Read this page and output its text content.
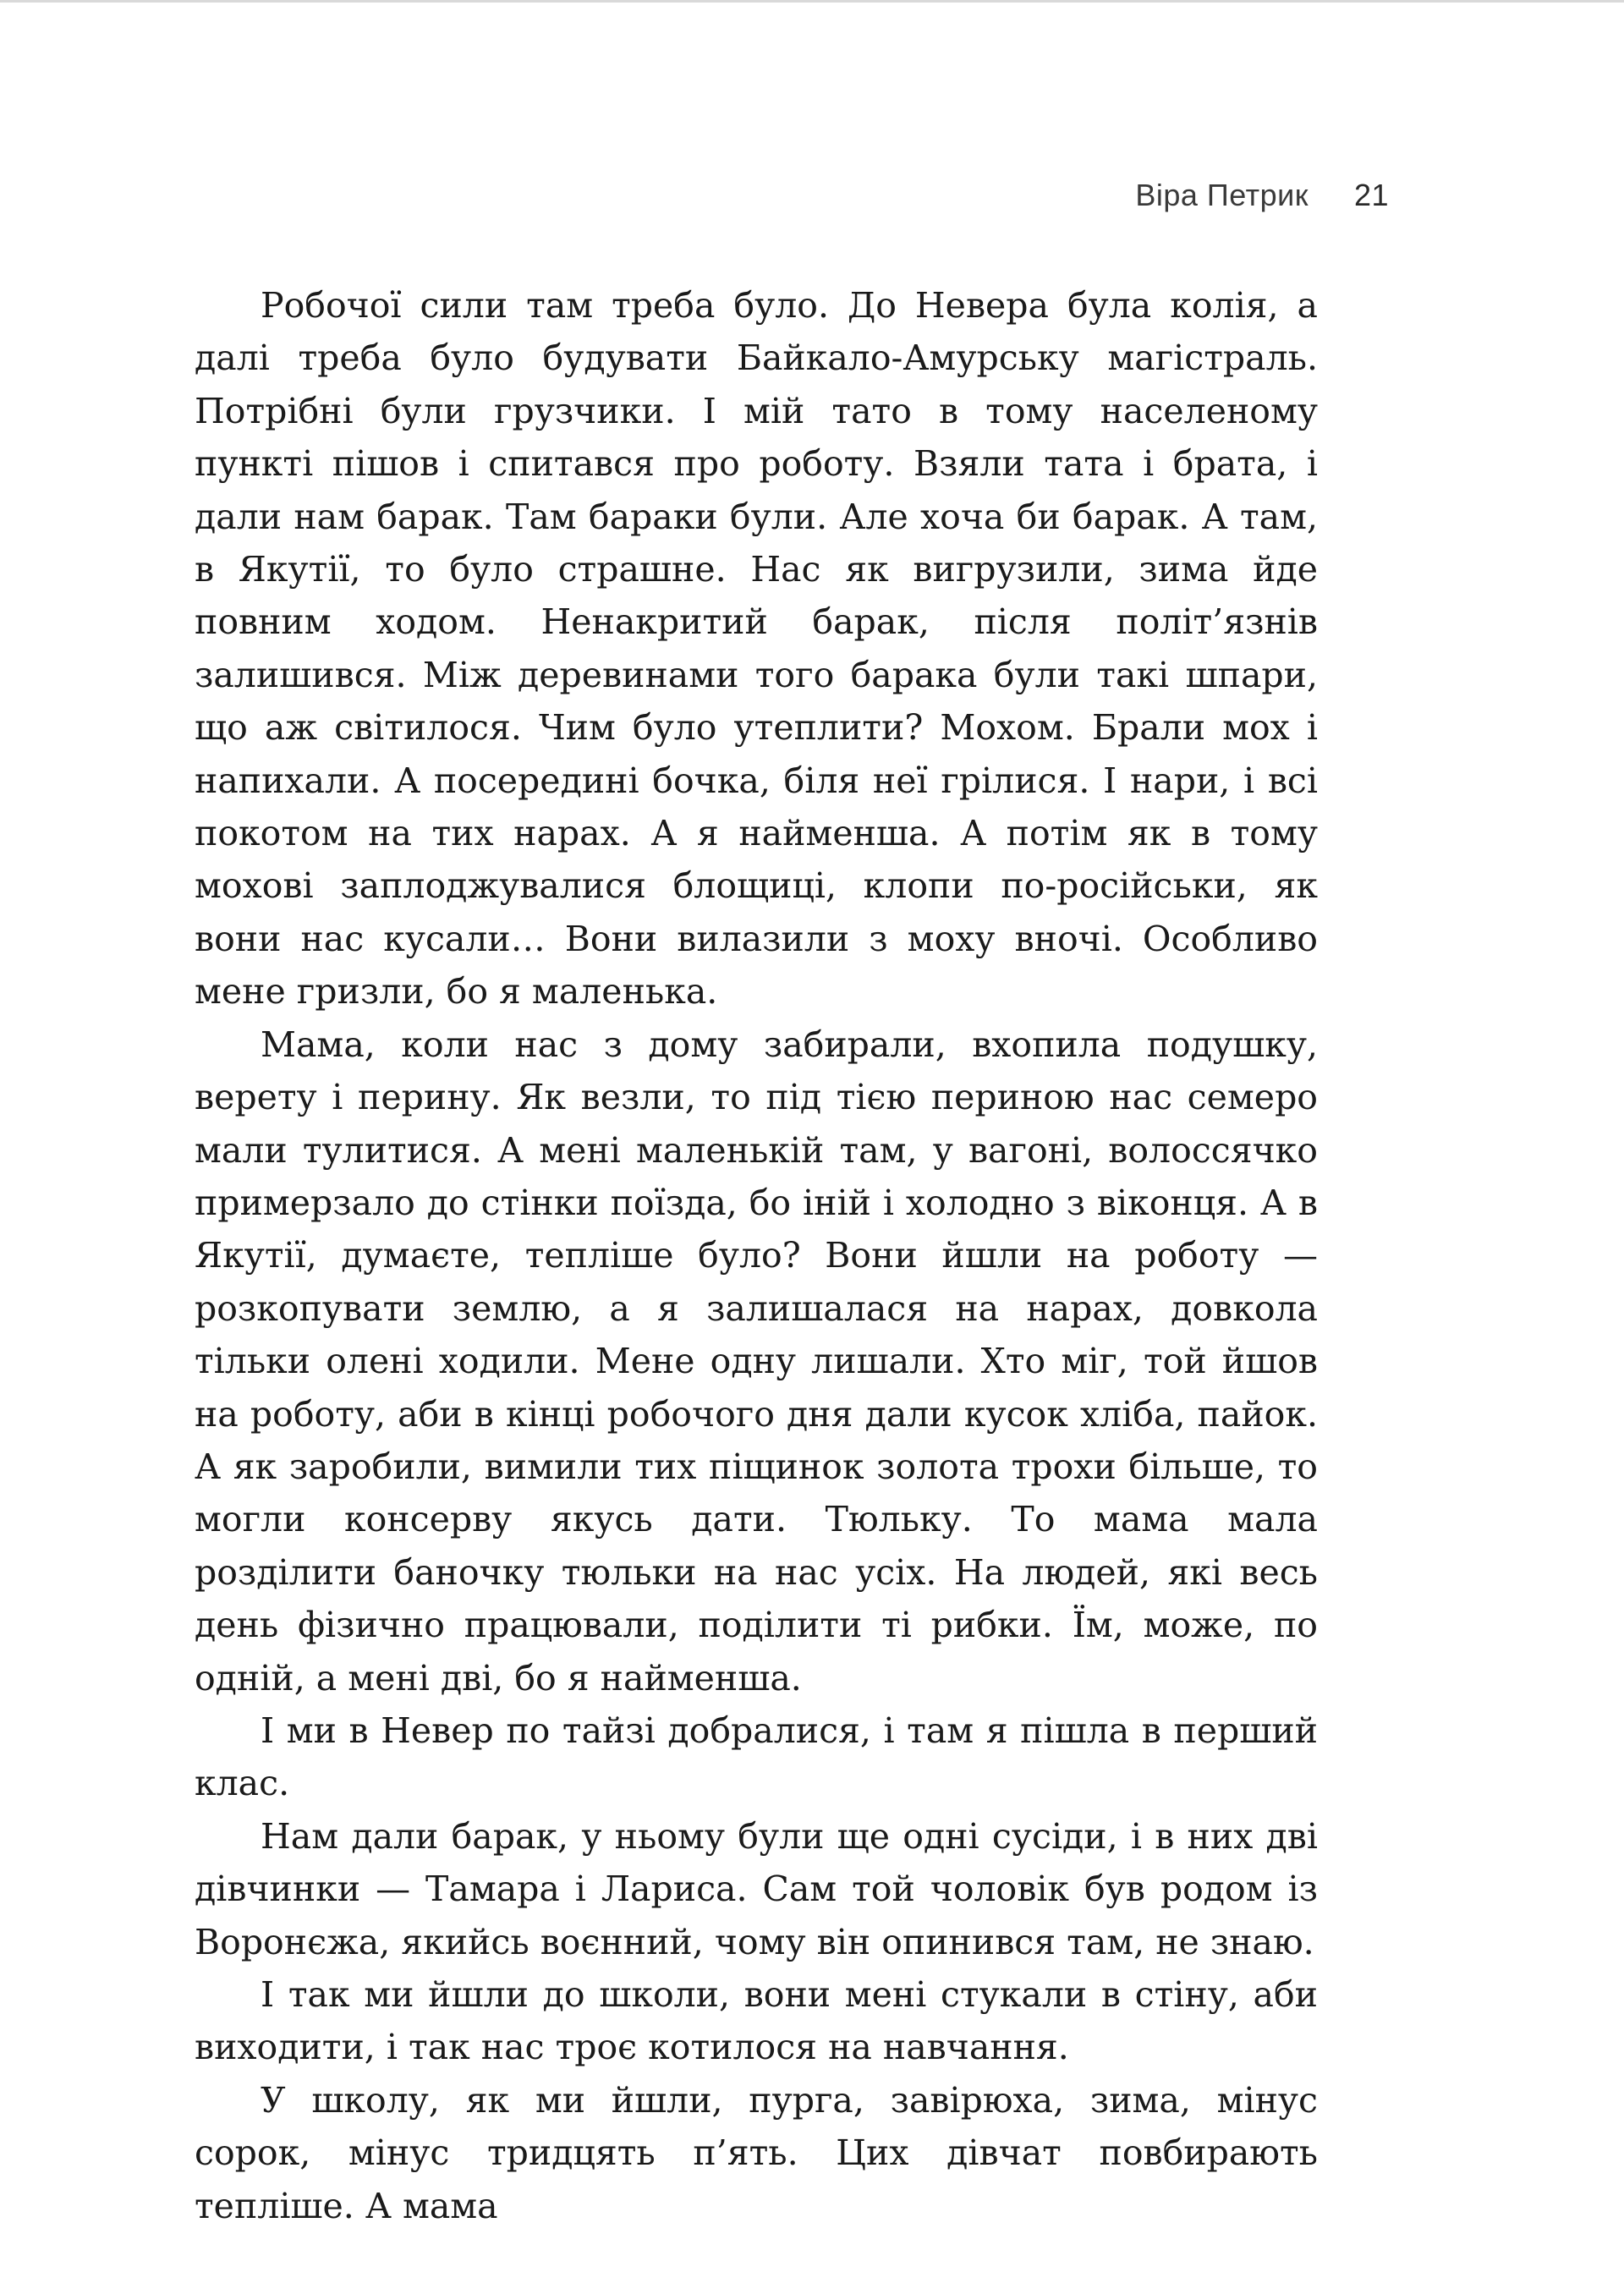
Віра Петрик 21

Робочої сили там треба було. До Невера була колія, а далі треба було будувати Байкало-Амурську магістраль. Потрібні були грузчики. І мій тато в тому населеному пункті пішов і спитався про роботу. Взяли тата і брата, і дали нам барак. Там бараки були. Але хоча би барак. А там, в Якутії, то було страшне. Нас як вигрузили, зима йде повним ходом. Ненакритий барак, після політ’язнів залишився. Між деревинами того барака були такі шпари, що аж світилося. Чим було утеплити? Мохом. Брали мох і напихали. А посередині бочка, біля неї грілися. І нари, і всі покотом на тих нарах. А я найменша. А потім як в тому мохові заплоджувалися блощиці, клопи по-російськи, як вони нас кусали… Вони вилазили з моху вночі. Особливо мене гризли, бо я маленька.

Мама, коли нас з дому забирали, вхопила подушку, верету і перину. Як везли, то під тією периною нас семеро мали тулитися. А мені маленькій там, у вагоні, волоссячко примерзало до стінки поїзда, бо іній і холодно з віконця. А в Якутії, думаєте, тепліше було? Вони йшли на роботу — розкопувати землю, а я залишалася на нарах, довкола тільки олені ходили. Мене одну лишали. Хто міг, той йшов на роботу, аби в кінці робочого дня дали кусок хліба, пайок. А як заробили, вимили тих піщинок золота трохи більше, то могли консерву якусь дати. Тюльку. То мама мала розділити баночку тюльки на нас усіх. На людей, які весь день фізично працювали, поділити ті рибки. Їм, може, по одній, а мені дві, бо я найменша.

І ми в Невер по тайзі добралися, і там я пішла в перший клас.

Нам дали барак, у ньому були ще одні сусіди, і в них дві дівчинки — Тамара і Лариса. Сам той чоловік був родом із Воронєжа, якийсь воєнний, чому він опинився там, не знаю.

І так ми йшли до школи, вони мені стукали в стіну, аби виходити, і так нас троє котилося на навчання.

У школу, як ми йшли, пурга, завірюха, зима, мінус сорок, мінус тридцять п’ять. Цих дівчат повбирають тепліше. А мама
